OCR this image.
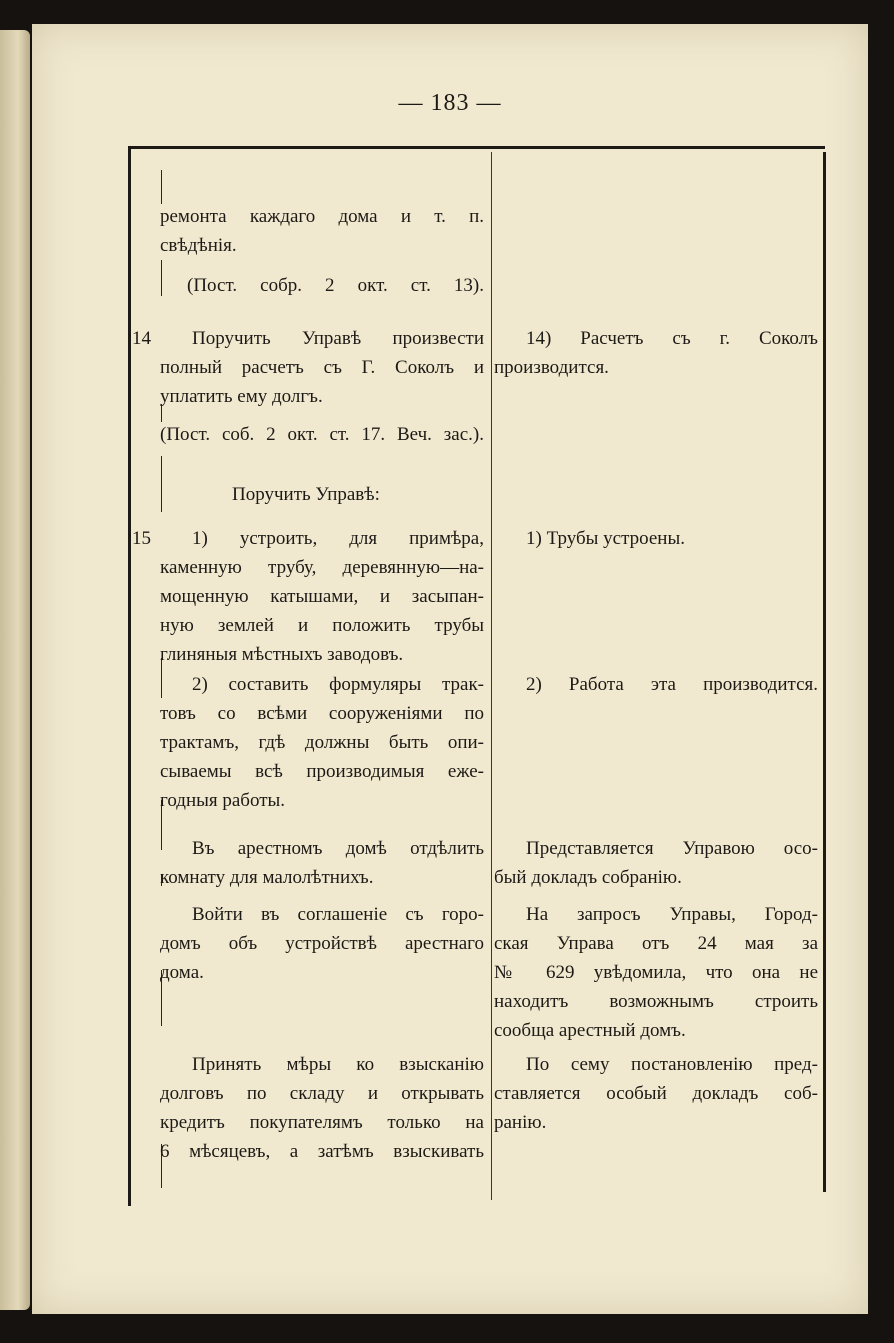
— 183 —
ремонта каждаго дома и т. п.
свѣдѣнія.
(Пост. собр. 2 окт. ст. 13).
14 Поручить Управѣ произвести
полный расчетъ съ Г. Соколъ и
уплатить ему долгъ.
(Пост. соб. 2 окт. ст. 17. Веч. зас.).
Поручить Управѣ:
15 1) устроить, для примѣра,
каменную трубу, деревянную—на-
мощенную катышами, и засыпан-
ную землей и положить трубы
глиняныя мѣстныхъ заводовъ.
2) составить формуляры трак-
товъ со всѣми сооруженіями по
трактамъ, гдѣ должны быть опи-
сываемы всѣ производимыя еже-
годныя работы.
Въ арестномъ домѣ отдѣлить
комнату для малолѣтнихъ.
Войти въ соглашеніе съ горо-
домъ объ устройствѣ арестнаго
дома.
Принять мѣры ко взысканію
долговъ по складу и открывать
кредитъ покупателямъ только на
6 мѣсяцевъ, а затѣмъ взыскивать
14) Расчетъ съ г. Соколъ
производится.
1) Трубы устроены.
2) Работа эта производится.
Представляется Управою осо-
бый докладъ собранію.
На запросъ Управы, Город-
ская Управа отъ 24 мая за
№ 629 увѣдомила, что она не
находитъ возможнымъ строить
сообща арестный домъ.
По сему постановленію пред-
ставляется особый докладъ соб-
ранію.
